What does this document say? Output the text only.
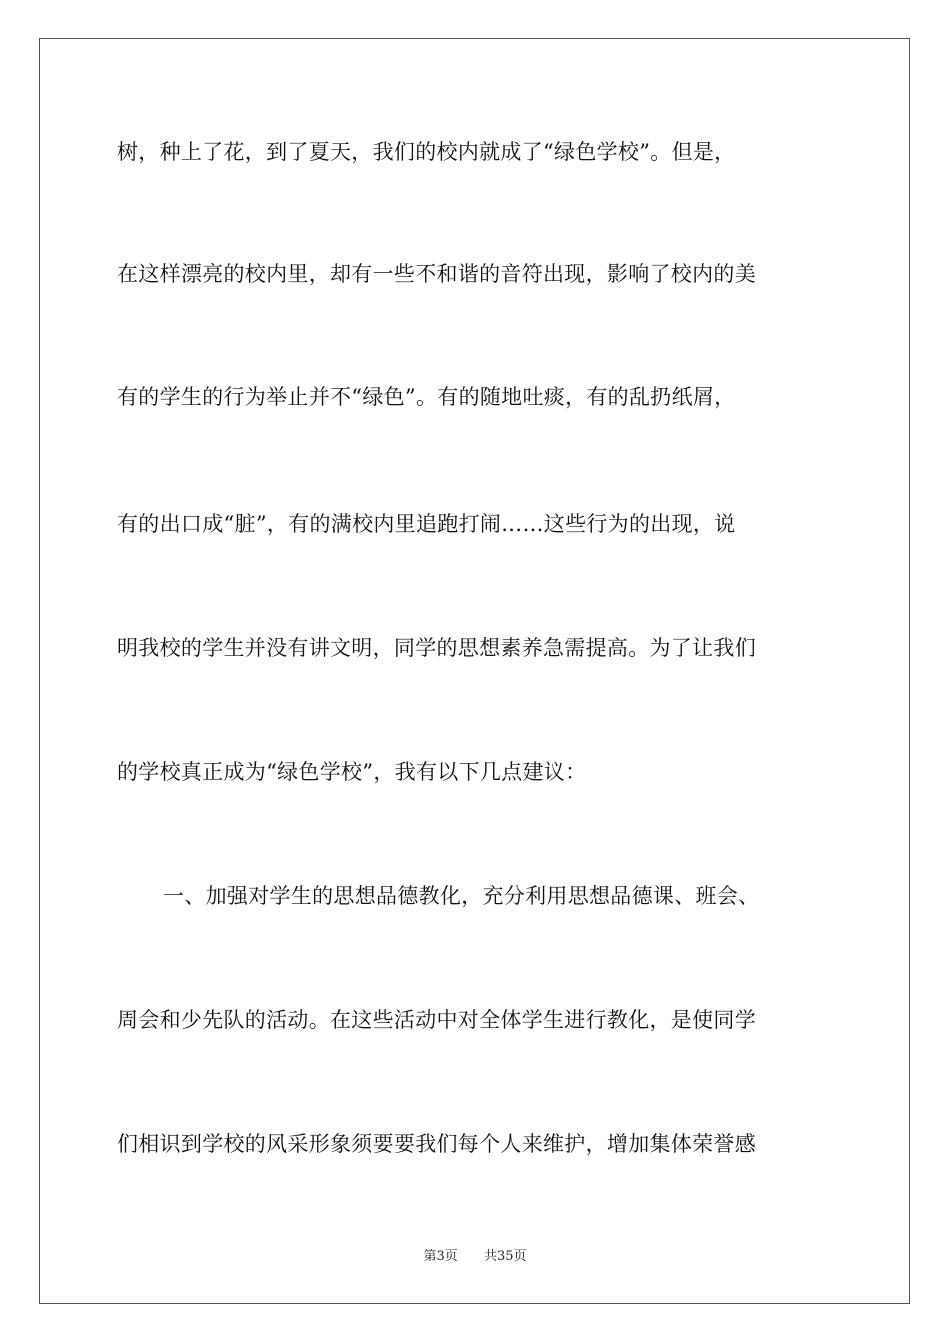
树，种上了花，到了夏天，我们的校内就成了“绿色学校”。但是，
在这样漂亮的校内里，却有一些不和谐的音符出现，影响了校内的美
有的学生的行为举止并不“绿色”。有的随地吐痰，有的乱扔纸屑，
有的出口成“脏”，有的满校内里追跑打闹……这些行为的出现，说
明我校的学生并没有讲文明，同学的思想素养急需提高。为了让我们
的学校真正成为“绿色学校”，我有以下几点建议：
一、加强对学生的思想品德教化，充分利用思想品德课、班会、
周会和少先队的活动。在这些活动中对全体学生进行教化，是使同学
们相识到学校的风采形象须要要我们每个人来维护，增加集体荣誉感
第3页 共35页
